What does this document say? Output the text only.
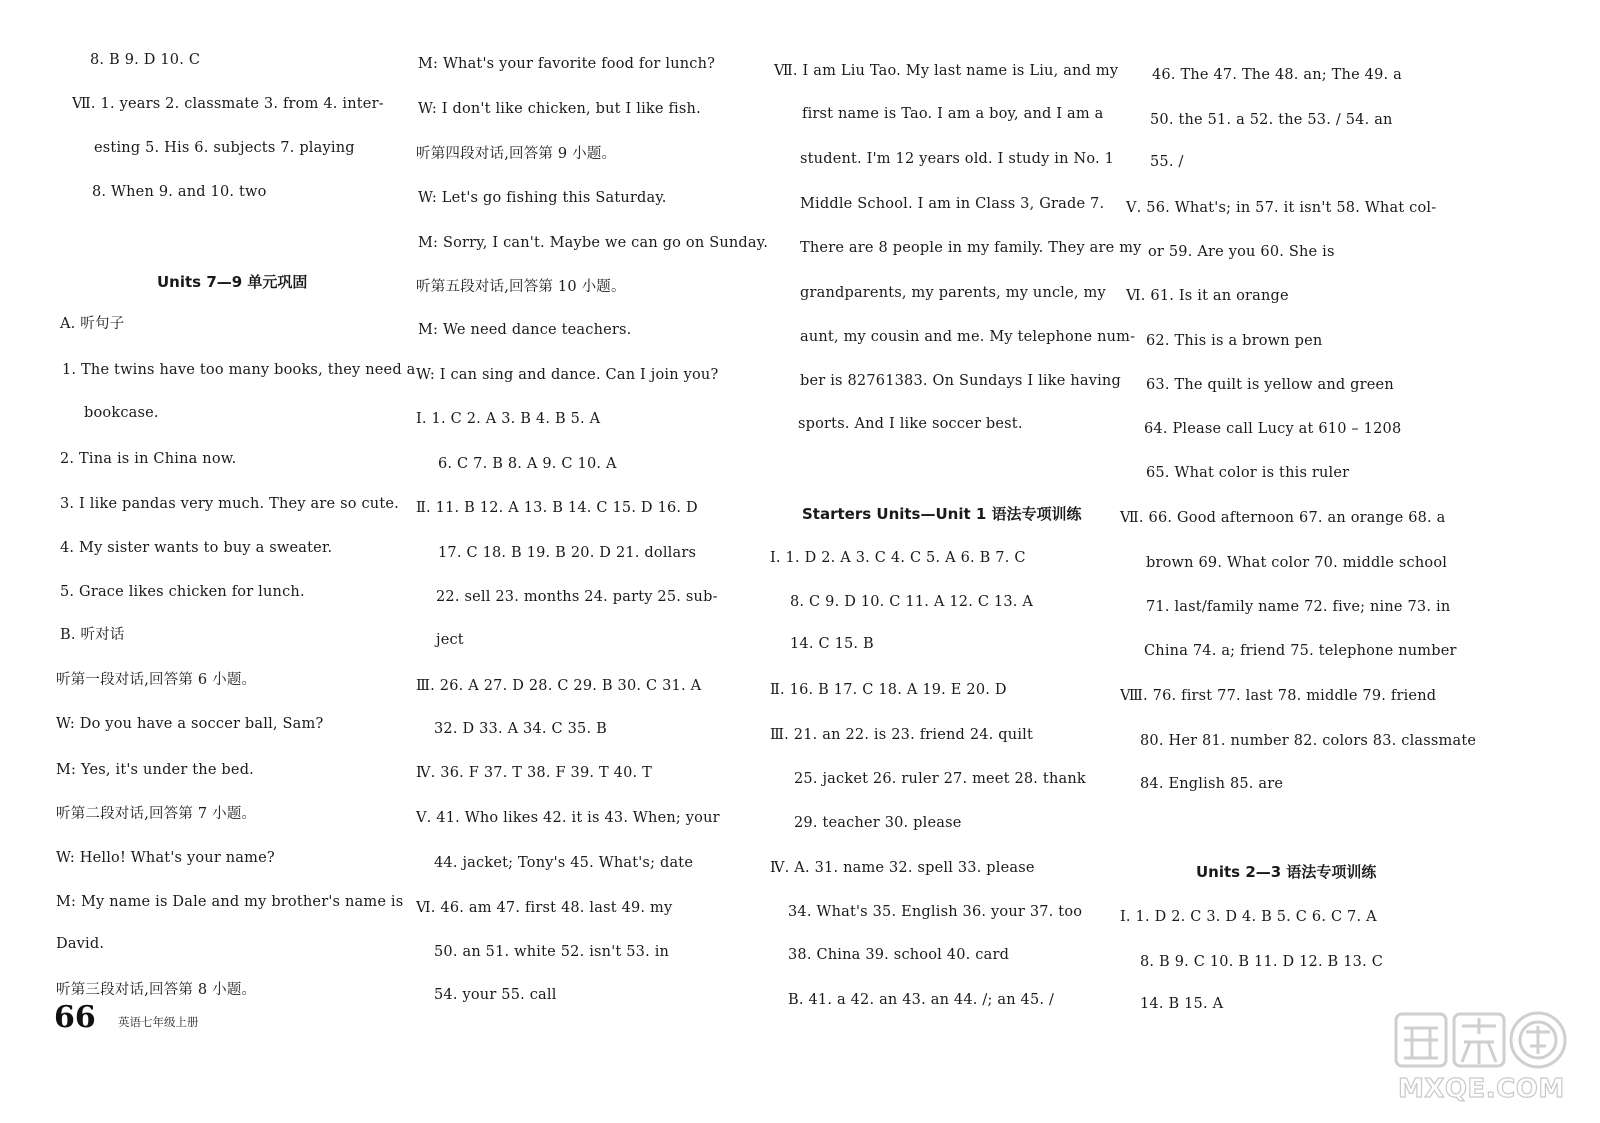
8. B 9. D 10. C
Ⅶ. 1. years 2. classmate 3. from 4. inter-
esting 5. His 6. subjects 7. playing
8. When 9. and 10. two
A. 听句子
1. The twins have too many books, they need a
bookcase.
2. Tina is in China now.
3. I like pandas very much. They are so cute.
4. My sister wants to buy a sweater.
5. Grace likes chicken for lunch.
B. 听对话
听第一段对话,回答第 6 小题。
W: Do you have a soccer ball, Sam?
M: Yes, it's under the bed.
听第二段对话,回答第 7 小题。
W: Hello! What's your name?
M: My name is Dale and my brother's name is
David.
听第三段对话,回答第 8 小题。
M: What's your favorite food for lunch?
W: I don't like chicken, but I like fish.
听第四段对话,回答第 9 小题。
W: Let's go fishing this Saturday.
M: Sorry, I can't. Maybe we can go on Sunday.
听第五段对话,回答第 10 小题。
M: We need dance teachers.
W: I can sing and dance. Can I join you?
Ⅰ. 1. C 2. A 3. B 4. B 5. A
6. C 7. B 8. A 9. C 10. A
Ⅱ. 11. B 12. A 13. B 14. C 15. D 16. D
17. C 18. B 19. B 20. D 21. dollars
22. sell 23. months 24. party 25. sub-
ject
Ⅲ. 26. A 27. D 28. C 29. B 30. C 31. A
32. D 33. A 34. C 35. B
Ⅳ. 36. F 37. T 38. F 39. T 40. T
Ⅴ. 41. Who likes 42. it is 43. When; your
44. jacket; Tony's 45. What's; date
Ⅵ. 46. am 47. first 48. last 49. my
50. an 51. white 52. isn't 53. in
54. your 55. call
Ⅶ. I am Liu Tao. My last name is Liu, and my
first name is Tao. I am a boy, and I am a
student. I'm 12 years old. I study in No. 1
Middle School. I am in Class 3, Grade 7.
There are 8 people in my family. They are my
grandparents, my parents, my uncle, my
aunt, my cousin and me. My telephone num-
ber is 82761383. On Sundays I like having
sports. And I like soccer best.
Ⅰ. 1. D 2. A 3. C 4. C 5. A 6. B 7. C
8. C 9. D 10. C 11. A 12. C 13. A
14. C 15. B
Ⅱ. 16. B 17. C 18. A 19. E 20. D
Ⅲ. 21. an 22. is 23. friend 24. quilt
25. jacket 26. ruler 27. meet 28. thank
29. teacher 30. please
Ⅳ. A. 31. name 32. spell 33. please
34. What's 35. English 36. your 37. too
38. China 39. school 40. card
B. 41. a 42. an 43. an 44. /; an 45. /
46. The 47. The 48. an; The 49. a
50. the 51. a 52. the 53. / 54. an
55. /
Ⅴ. 56. What's; in 57. it isn't 58. What col-
or 59. Are you 60. She is
Ⅵ. 61. Is it an orange
62. This is a brown pen
63. The quilt is yellow and green
64. Please call Lucy at 610 – 1208
65. What color is this ruler
Ⅶ. 66. Good afternoon 67. an orange 68. a
brown 69. What color 70. middle school
71. last/family name 72. five; nine 73. in
China 74. a; friend 75. telephone number
Ⅷ. 76. first 77. last 78. middle 79. friend
80. Her 81. number 82. colors 83. classmate
84. English 85. are
Ⅰ. 1. D 2. C 3. D 4. B 5. C 6. C 7. A
8. B 9. C 10. B 11. D 12. B 13. C
14. B 15. A
Units 7—9 单元巩固
Starters Units—Unit 1 语法专项训练
Units 2—3 语法专项训练
66 英语七年级上册
MXQE.COM
